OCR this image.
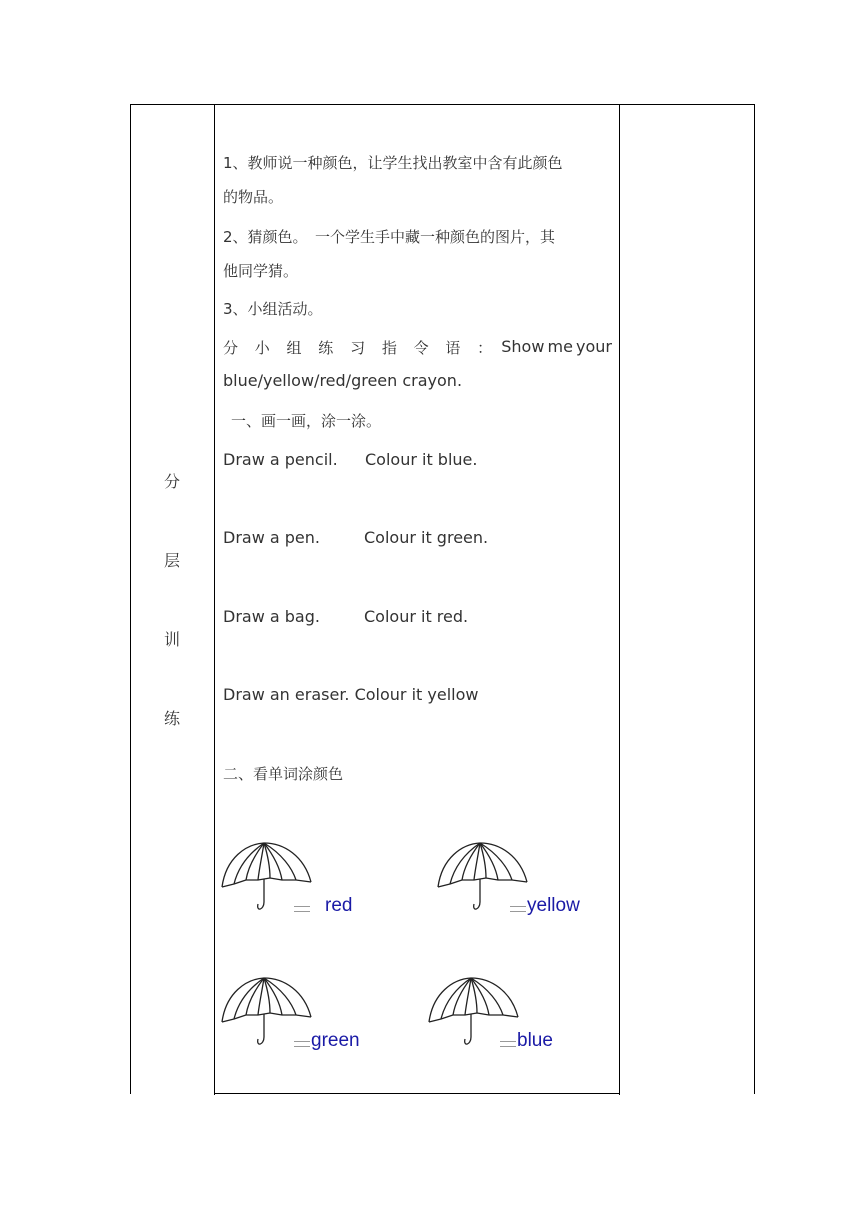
分
层
训
练
1、教师说一种颜色，让学生找出教室中含有此颜色
的物品。
2、猜颜色。　一个学生手中藏一种颜色的图片，其
他同学猜。
3、小组活动。
分 小 组 练 习 指 令 语 ： Show me your
blue/yellow/red/green crayon.
一、画一画，涂一涂。
Draw a pencil. Colour it blue.
Draw a pen.	Colour it green.
Draw a bag.	Colour it red.
Draw an eraser. Colour it yellow
二、看单词涂颜色
red	yellow
green	blue
